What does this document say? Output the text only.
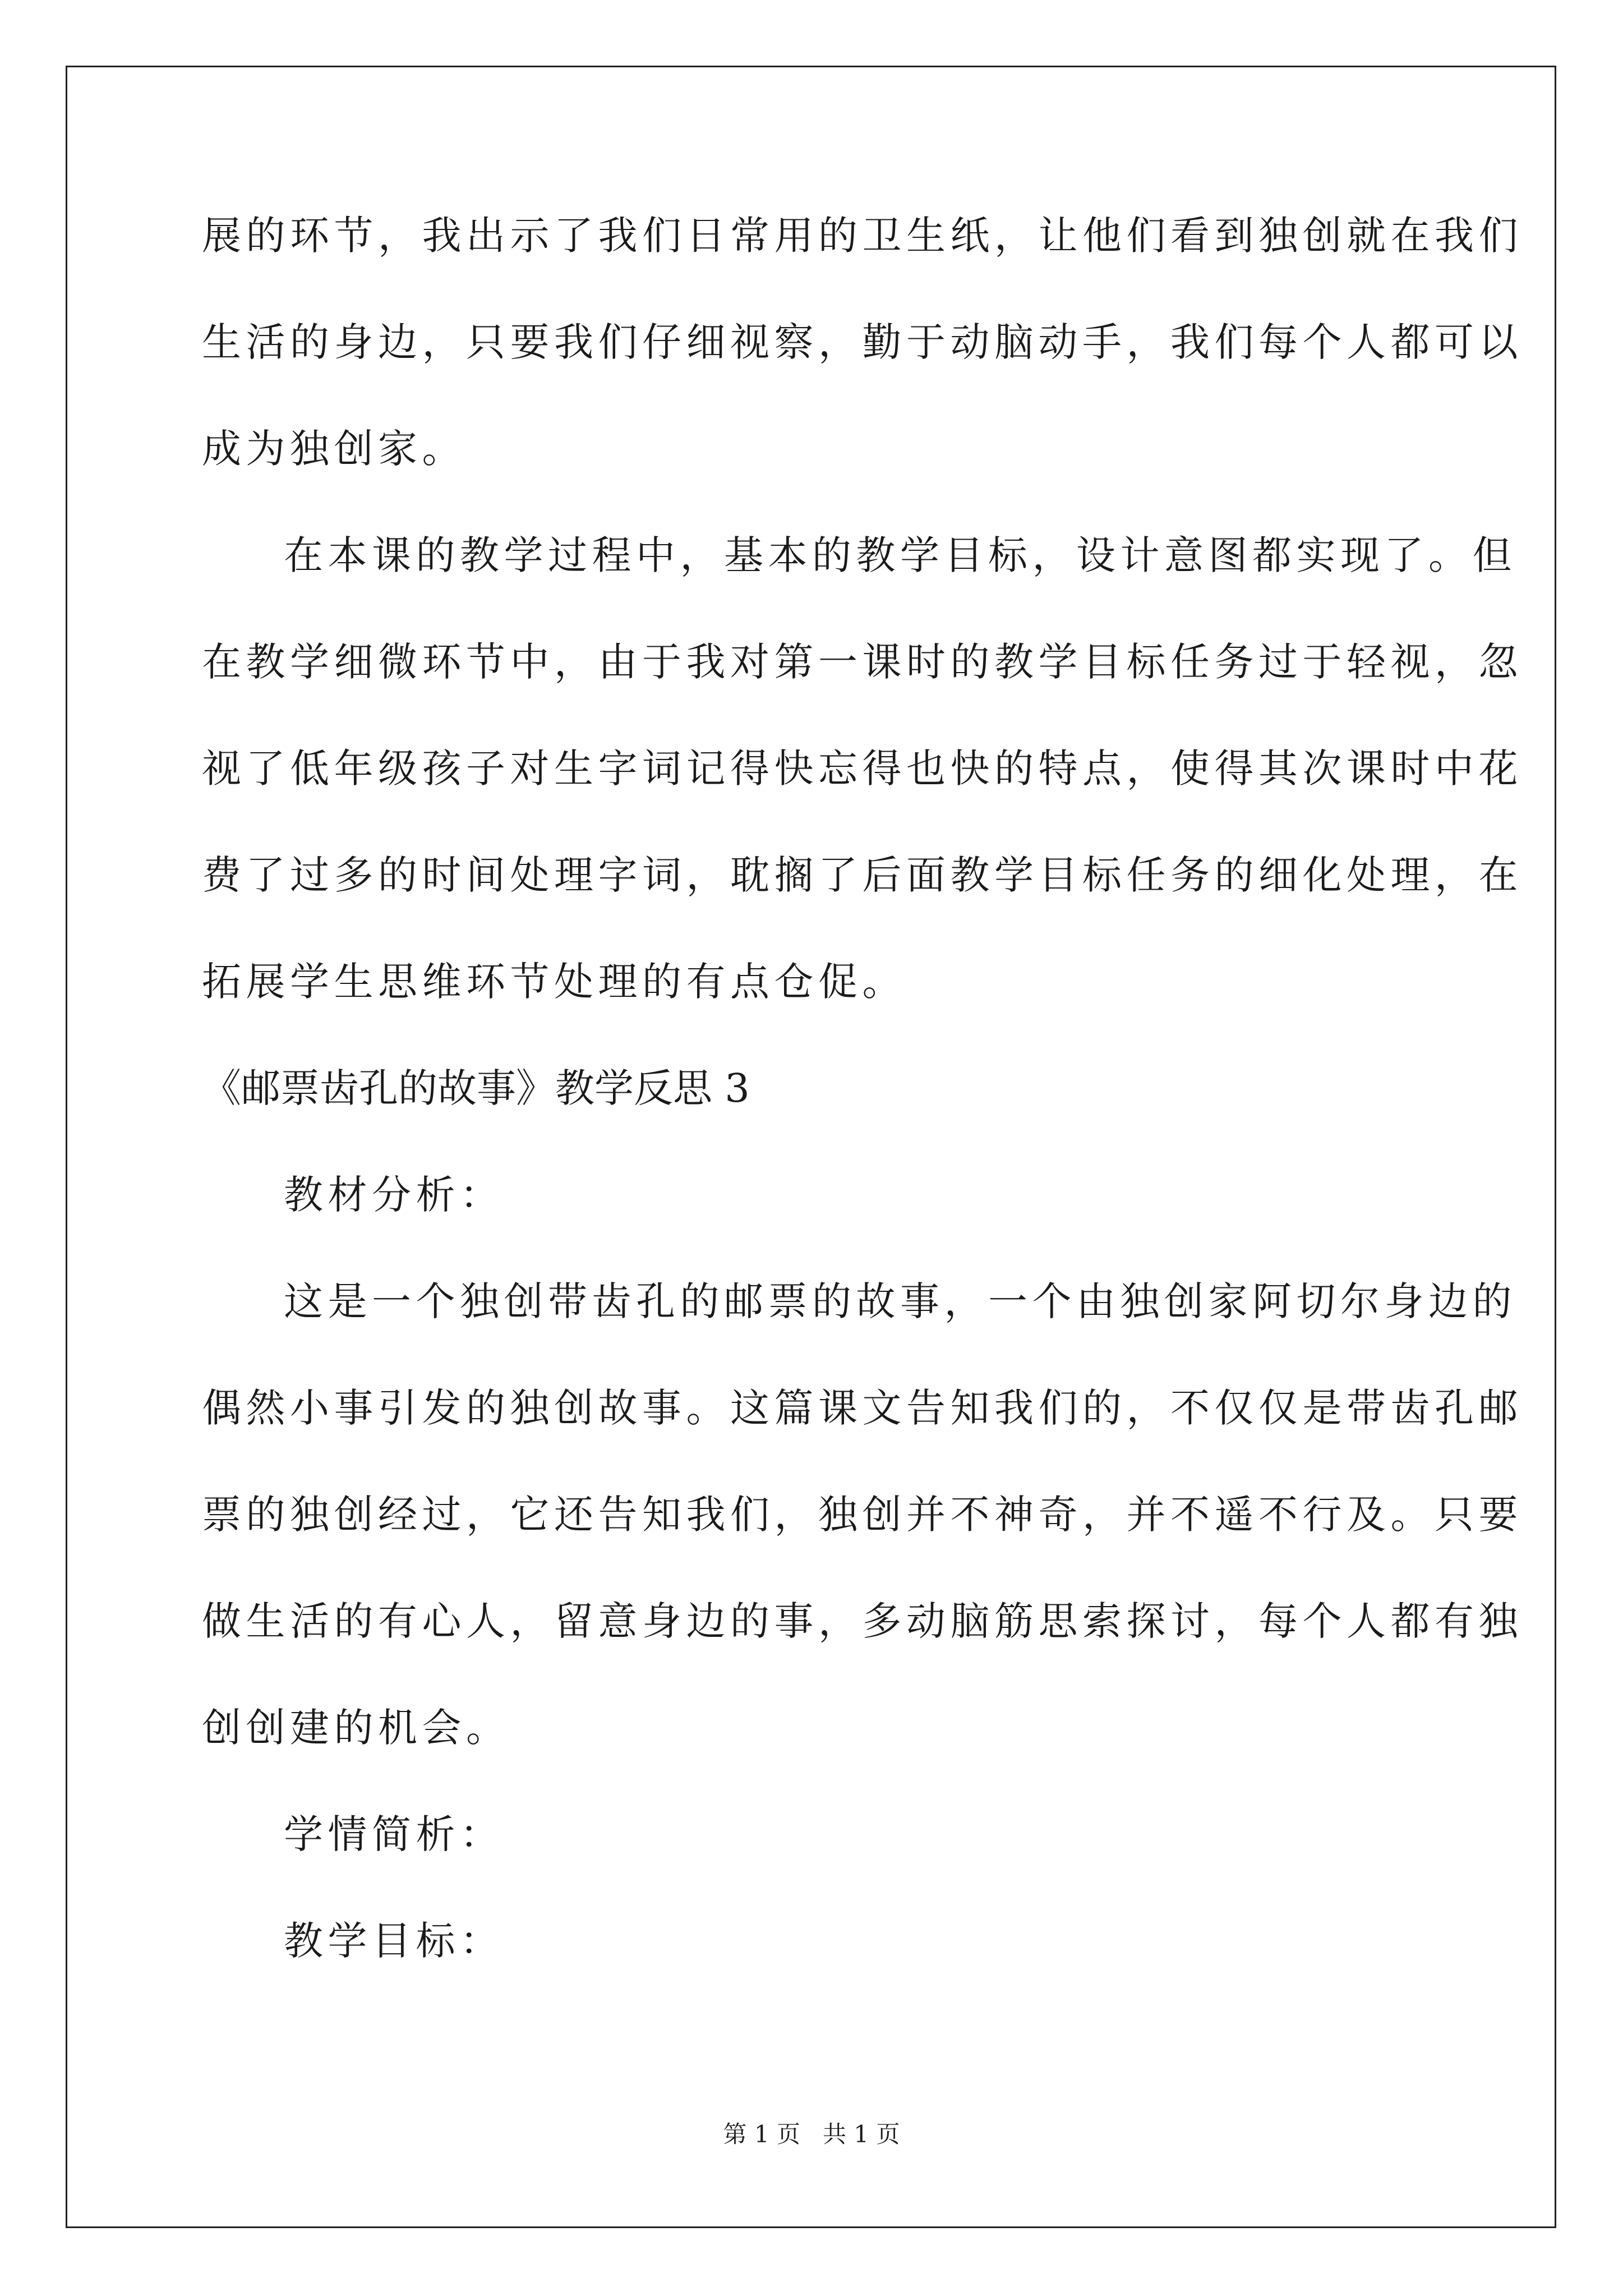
展的环节，我出示了我们日常用的卫生纸，让他们看到独创就在我们
生活的身边，只要我们仔细视察，勤于动脑动手，我们每个人都可以
成为独创家。
在本课的教学过程中，基本的教学目标，设计意图都实现了。但
在教学细微环节中，由于我对第一课时的教学目标任务过于轻视，忽
视了低年级孩子对生字词记得快忘得也快的特点，使得其次课时中花
费了过多的时间处理字词，耽搁了后面教学目标任务的细化处理，在
拓展学生思维环节处理的有点仓促。
《邮票齿孔的故事》教学反思 3
教材分析：
这是一个独创带齿孔的邮票的故事，一个由独创家阿切尔身边的
偶然小事引发的独创故事。这篇课文告知我们的，不仅仅是带齿孔邮
票的独创经过，它还告知我们，独创并不神奇，并不遥不行及。只要
做生活的有心人，留意身边的事，多动脑筋思索探讨，每个人都有独
创创建的机会。
学情简析：
教学目标：
第 1 页   共 1 页
